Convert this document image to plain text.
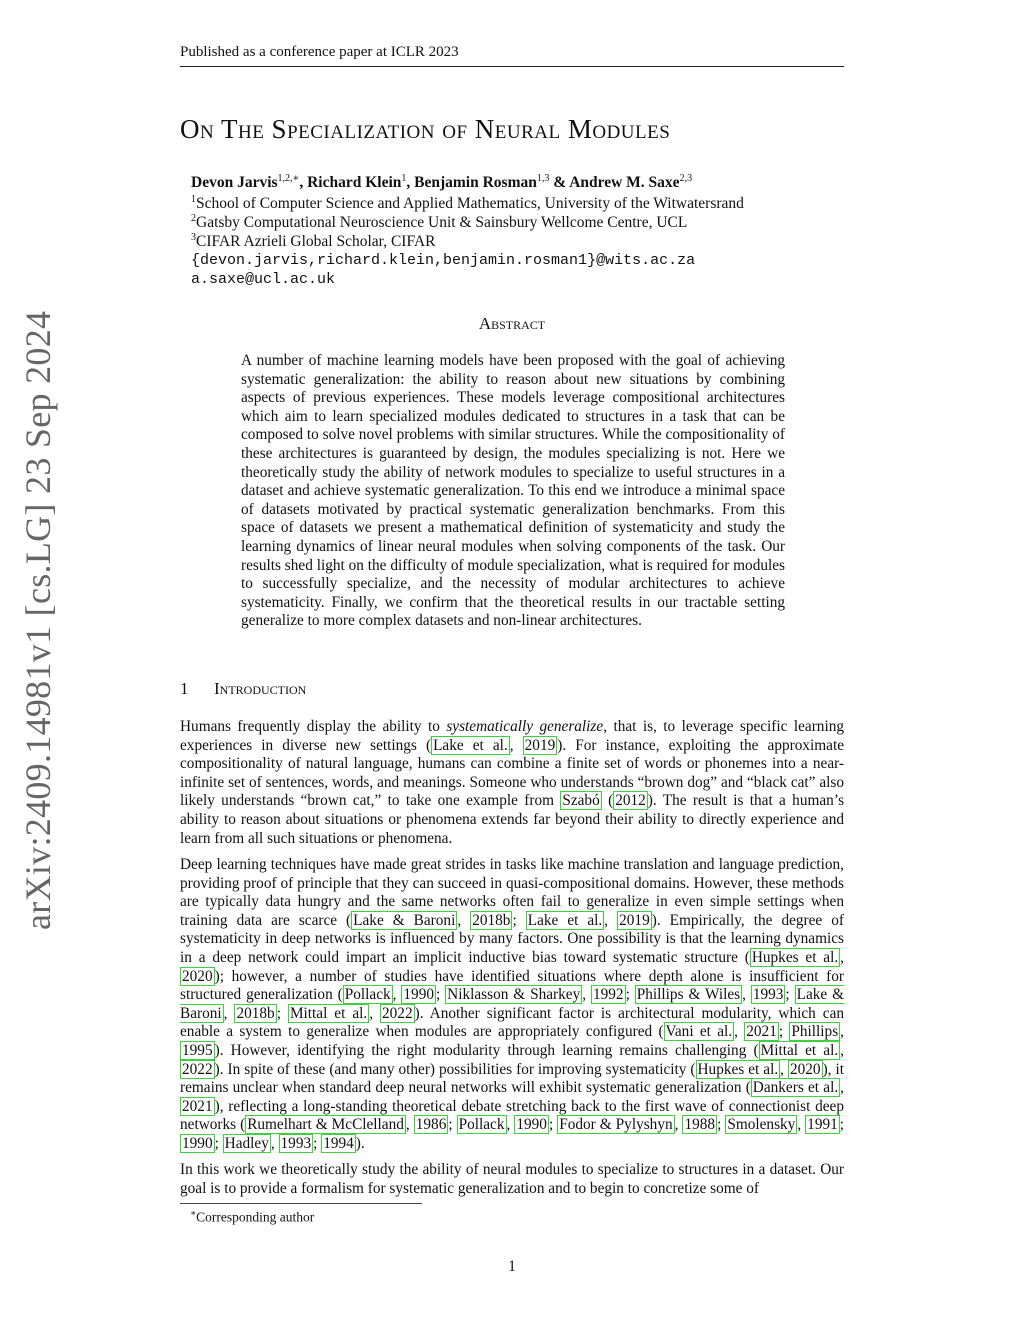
Published as a conference paper at ICLR 2023
arXiv:2409.14981v1 [cs.LG] 23 Sep 2024
On The Specialization of Neural Modules
Devon Jarvis$^{1,2,∗}$, Richard Klein$^1$, Benjamin Rosman$^{1,3}$ & Andrew M. Saxe$^{2,3}$
$^1$School of Computer Science and Applied Mathematics, University of the Witwatersrand
$^2$Gatsby Computational Neuroscience Unit & Sainsbury Wellcome Centre, UCL
$^3$CIFAR Azrieli Global Scholar, CIFAR
{devon.jarvis,richard.klein,benjamin.rosman1}@wits.ac.za
a.saxe@ucl.ac.uk
Abstract
A number of machine learning models have been proposed with the goal of achieving systematic generalization: the ability to reason about new situations by combining aspects of previous experiences. These models leverage compositional architectures which aim to learn specialized modules dedicated to structures in a task that can be composed to solve novel problems with similar structures. While the compositionality of these architectures is guaranteed by design, the modules specializing is not. Here we theoretically study the ability of network modules to specialize to useful structures in a dataset and achieve systematic generalization. To this end we introduce a minimal space of datasets motivated by practical systematic generalization benchmarks. From this space of datasets we present a mathematical definition of systematicity and study the learning dynamics of linear neural modules when solving components of the task. Our results shed light on the difficulty of module specialization, what is required for modules to successfully specialize, and the necessity of modular architectures to achieve systematicity. Finally, we confirm that the theoretical results in our tractable setting generalize to more complex datasets and non-linear architectures.
1 Introduction
Humans frequently display the ability to systematically generalize, that is, to leverage specific learning experiences in diverse new settings ( Lake et al. , 2019 ). For instance, exploiting the approximate compositionality of natural language, humans can combine a finite set of words or phonemes into a near-infinite set of sentences, words, and meanings. Someone who understands “brown dog” and “black cat” also likely understands “brown cat,” to take one example from Szabó ( 2012 ). The result is that a human’s ability to reason about situations or phenomena extends far beyond their ability to directly experience and learn from all such situations or phenomena.
Deep learning techniques have made great strides in tasks like machine translation and language prediction, providing proof of principle that they can succeed in quasi-compositional domains. However, these methods are typically data hungry and the same networks often fail to generalize in even simple settings when training data are scarce ( Lake & Baroni , 2018b ; Lake et al. , 2019 ). Empirically, the degree of systematicity in deep networks is influenced by many factors. One possibility is that the learning dynamics in a deep network could impart an implicit inductive bias toward systematic structure ( Hupkes et al. , 2020 ); however, a number of studies have identified situations where depth alone is insufficient for structured generalization ( Pollack , 1990 ; Niklasson & Sharkey , 1992 ; Phillips & Wiles , 1993 ; Lake & Baroni , 2018b ; Mittal et al. , 2022 ). Another significant factor is architectural modularity, which can enable a system to generalize when modules are appropriately configured ( Vani et al. , 2021 ; Phillips , 1995 ). However, identifying the right modularity through learning remains challenging ( Mittal et al. , 2022 ). In spite of these (and many other) possibilities for improving systematicity ( Hupkes et al. , 2020 ), it remains unclear when standard deep neural networks will exhibit systematic generalization ( Dankers et al. , 2021 ), reflecting a long-standing theoretical debate stretching back to the first wave of connectionist deep networks ( Rumelhart & McClelland , 1986 ; Pollack , 1990 ; Fodor & Pylyshyn , 1988 ; Smolensky , 1991 ; 1990 ; Hadley , 1993 ; 1994 ).
In this work we theoretically study the ability of neural modules to specialize to structures in a dataset. Our goal is to provide a formalism for systematic generalization and to begin to concretize some of
∗Corresponding author
1
